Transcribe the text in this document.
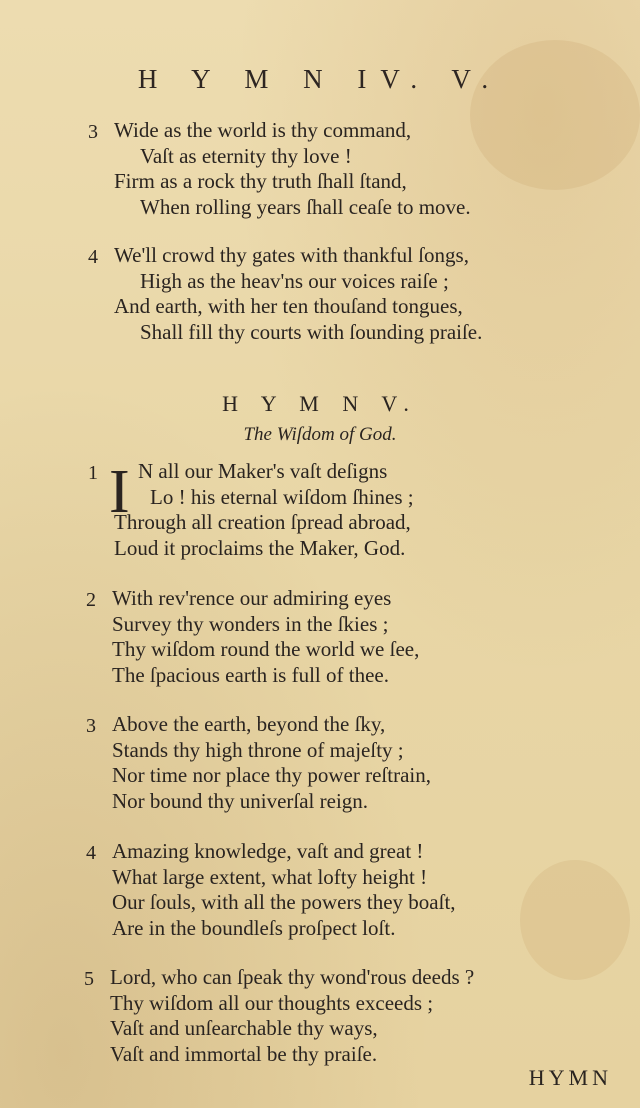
H Y M N IV. V.
3 Wide as the world is thy command,
Vaſt as eternity thy love !
Firm as a rock thy truth ſhall ſtand,
When rolling years ſhall ceaſe to move.
4 We'll crowd thy gates with thankful ſongs,
High as the heav'ns our voices raiſe ;
And earth, with her ten thouſand tongues,
Shall fill thy courts with ſounding praiſe.
H Y M N V.
The Wiſdom of God.
I
1	N all our Maker's vaſt deſigns
Lo ! his eternal wiſdom ſhines ;
Through all creation ſpread abroad,
Loud it proclaims the Maker, God.
2 With rev'rence our admiring eyes
Survey thy wonders in the ſkies ;
Thy wiſdom round the world we ſee,
The ſpacious earth is full of thee.
3 Above the earth, beyond the ſky,
Stands thy high throne of majeſty ;
Nor time nor place thy power reſtrain,
Nor bound thy univerſal reign.
4 Amazing knowledge, vaſt and great !
What large extent, what lofty height !
Our ſouls, with all the powers they boaſt,
Are in the boundleſs proſpect loſt.
5 Lord, who can ſpeak thy wond'rous deeds ?
Thy wiſdom all our thoughts exceeds ;
Vaſt and unſearchable thy ways,
Vaſt and immortal be thy praiſe.
HYMN
